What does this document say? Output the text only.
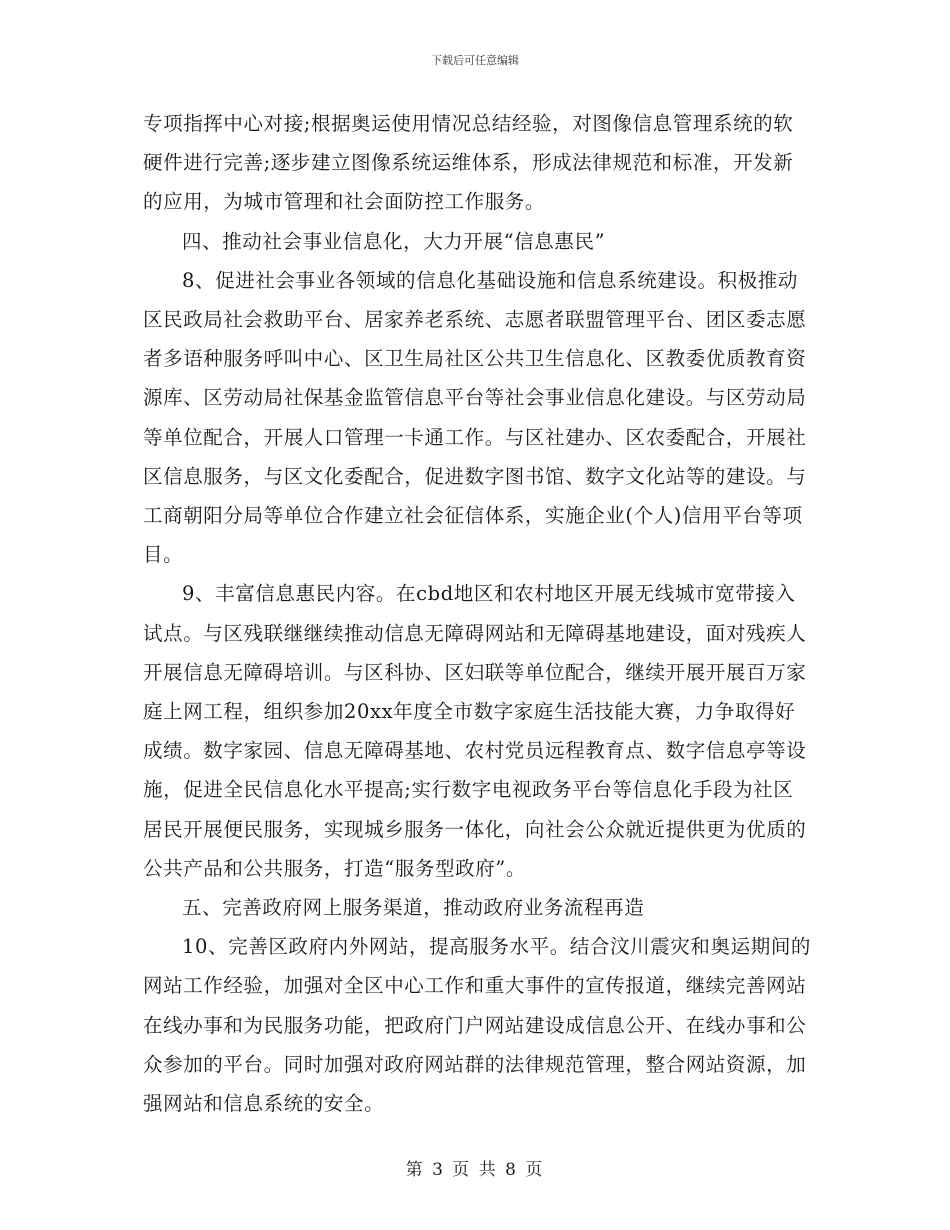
下载后可任意编辑

专项指挥中心对接;根据奥运使用情况总结经验，对图像信息管理系统的软硬件进行完善;逐步建立图像系统运维体系，形成法律规范和标准，开发新的应用，为城市管理和社会面防控工作服务。

四、推动社会事业信息化，大力开展“信息惠民”

8、促进社会事业各领域的信息化基础设施和信息系统建设。积极推动区民政局社会救助平台、居家养老系统、志愿者联盟管理平台、团区委志愿者多语种服务呼叫中心、区卫生局社区公共卫生信息化、区教委优质教育资源库、区劳动局社保基金监管信息平台等社会事业信息化建设。与区劳动局等单位配合，开展人口管理一卡通工作。与区社建办、区农委配合，开展社区信息服务，与区文化委配合，促进数字图书馆、数字文化站等的建设。与工商朝阳分局等单位合作建立社会征信体系，实施企业(个人)信用平台等项目。

9、丰富信息惠民内容。在cbd地区和农村地区开展无线城市宽带接入试点。与区残联继继续推动信息无障碍网站和无障碍基地建设，面对残疾人开展信息无障碍培训。与区科协、区妇联等单位配合，继续开展开展百万家庭上网工程，组织参加20xx年度全市数字家庭生活技能大赛，力争取得好成绩。数字家园、信息无障碍基地、农村党员远程教育点、数字信息亭等设施，促进全民信息化水平提高;实行数字电视政务平台等信息化手段为社区居民开展便民服务，实现城乡服务一体化，向社会公众就近提供更为优质的公共产品和公共服务，打造“服务型政府”。

五、完善政府网上服务渠道，推动政府业务流程再造

10、完善区政府内外网站，提高服务水平。结合汶川震灾和奥运期间的网站工作经验，加强对全区中心工作和重大事件的宣传报道，继续完善网站在线办事和为民服务功能，把政府门户网站建设成信息公开、在线办事和公众参加的平台。同时加强对政府网站群的法律规范管理，整合网站资源，加强网站和信息系统的安全。

第 3 页 共 8 页
